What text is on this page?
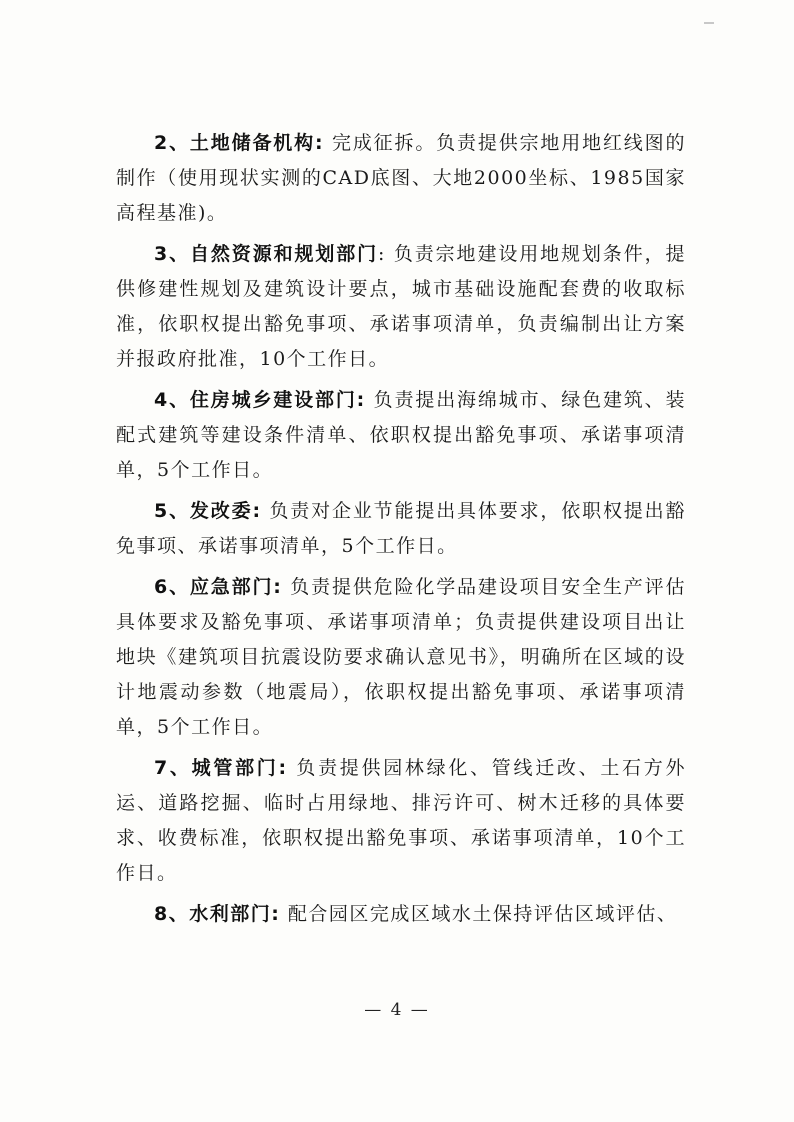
2、土地储备机构: 完成征拆。负责提供宗地用地红线图的制作（使用现状实测的CAD底图、大地2000坐标、1985国家高程基准)。

3、自然资源和规划部门: 负责宗地建设用地规划条件，提供修建性规划及建筑设计要点，城市基础设施配套费的收取标准，依职权提出豁免事项、承诺事项清单，负责编制出让方案并报政府批准，10个工作日。

4、住房城乡建设部门: 负责提出海绵城市、绿色建筑、装配式建筑等建设条件清单、依职权提出豁免事项、承诺事项清单，5个工作日。

5、发改委: 负责对企业节能提出具体要求，依职权提出豁免事项、承诺事项清单，5个工作日。

6、应急部门: 负责提供危险化学品建设项目安全生产评估具体要求及豁免事项、承诺事项清单；负责提供建设项目出让地块《建筑项目抗震设防要求确认意见书》，明确所在区域的设计地震动参数（地震局），依职权提出豁免事项、承诺事项清单，5个工作日。

7、城管部门: 负责提供园林绿化、管线迁改、土石方外运、道路挖掘、临时占用绿地、排污许可、树木迁移的具体要求、收费标准，依职权提出豁免事项、承诺事项清单，10个工作日。

8、水利部门: 配合园区完成区域水土保持评估区域评估、

— 4 —
